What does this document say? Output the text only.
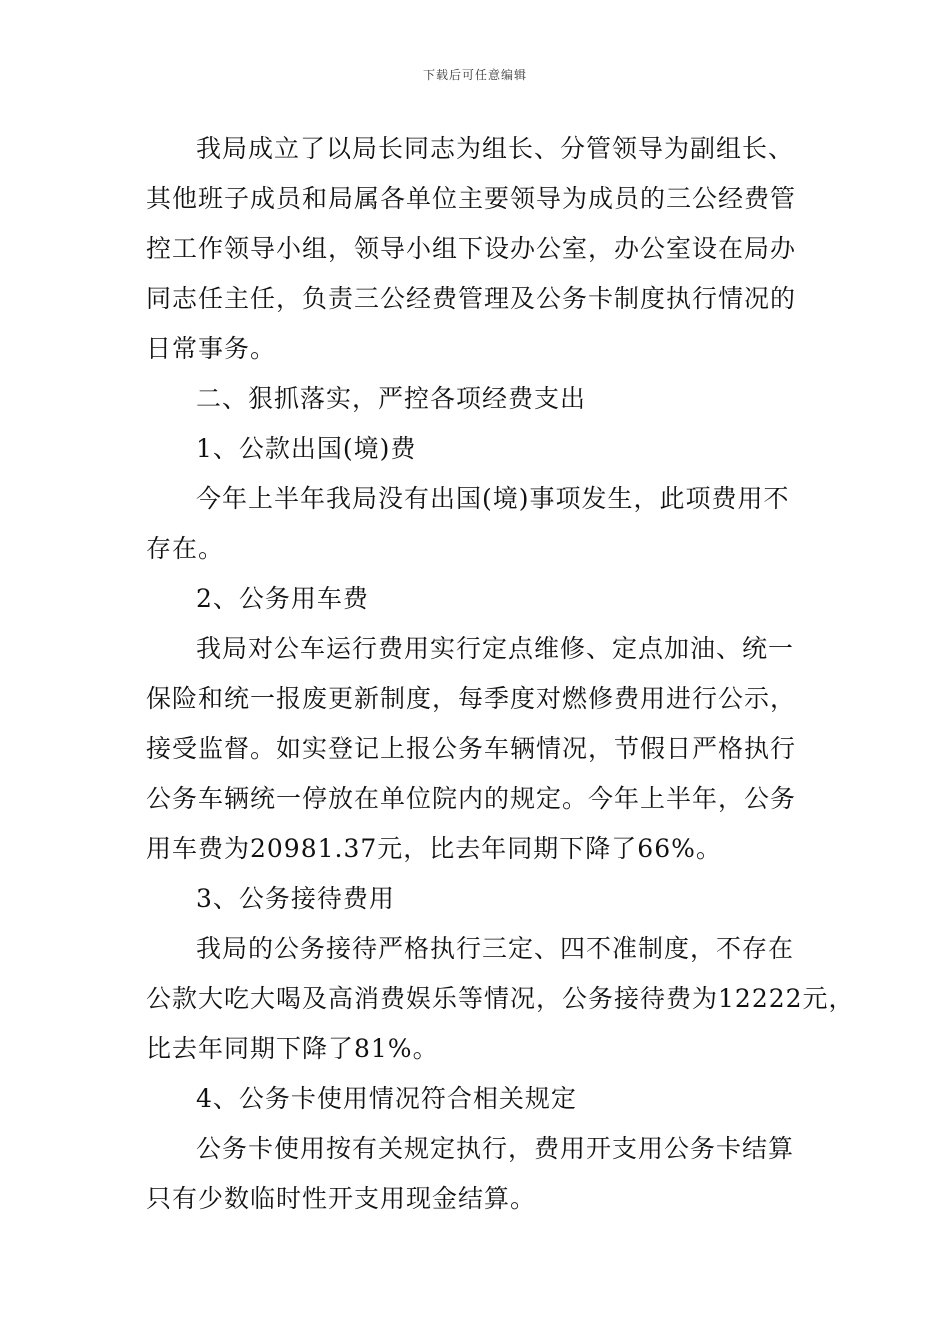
下载后可任意编辑
我局成立了以局长同志为组长、分管领导为副组长、
其他班子成员和局属各单位主要领导为成员的三公经费管
控工作领导小组，领导小组下设办公室，办公室设在局办
同志任主任，负责三公经费管理及公务卡制度执行情况的
日常事务。
二、狠抓落实，严控各项经费支出
1、公款出国(境)费
今年上半年我局没有出国(境)事项发生，此项费用不
存在。
2、公务用车费
我局对公车运行费用实行定点维修、定点加油、统一
保险和统一报废更新制度，每季度对燃修费用进行公示，
接受监督。如实登记上报公务车辆情况，节假日严格执行
公务车辆统一停放在单位院内的规定。今年上半年，公务
用车费为20981.37元，比去年同期下降了66%。
3、公务接待费用
我局的公务接待严格执行三定、四不准制度，不存在
公款大吃大喝及高消费娱乐等情况，公务接待费为12222元，
比去年同期下降了81%。
4、公务卡使用情况符合相关规定
公务卡使用按有关规定执行，费用开支用公务卡结算
只有少数临时性开支用现金结算。
